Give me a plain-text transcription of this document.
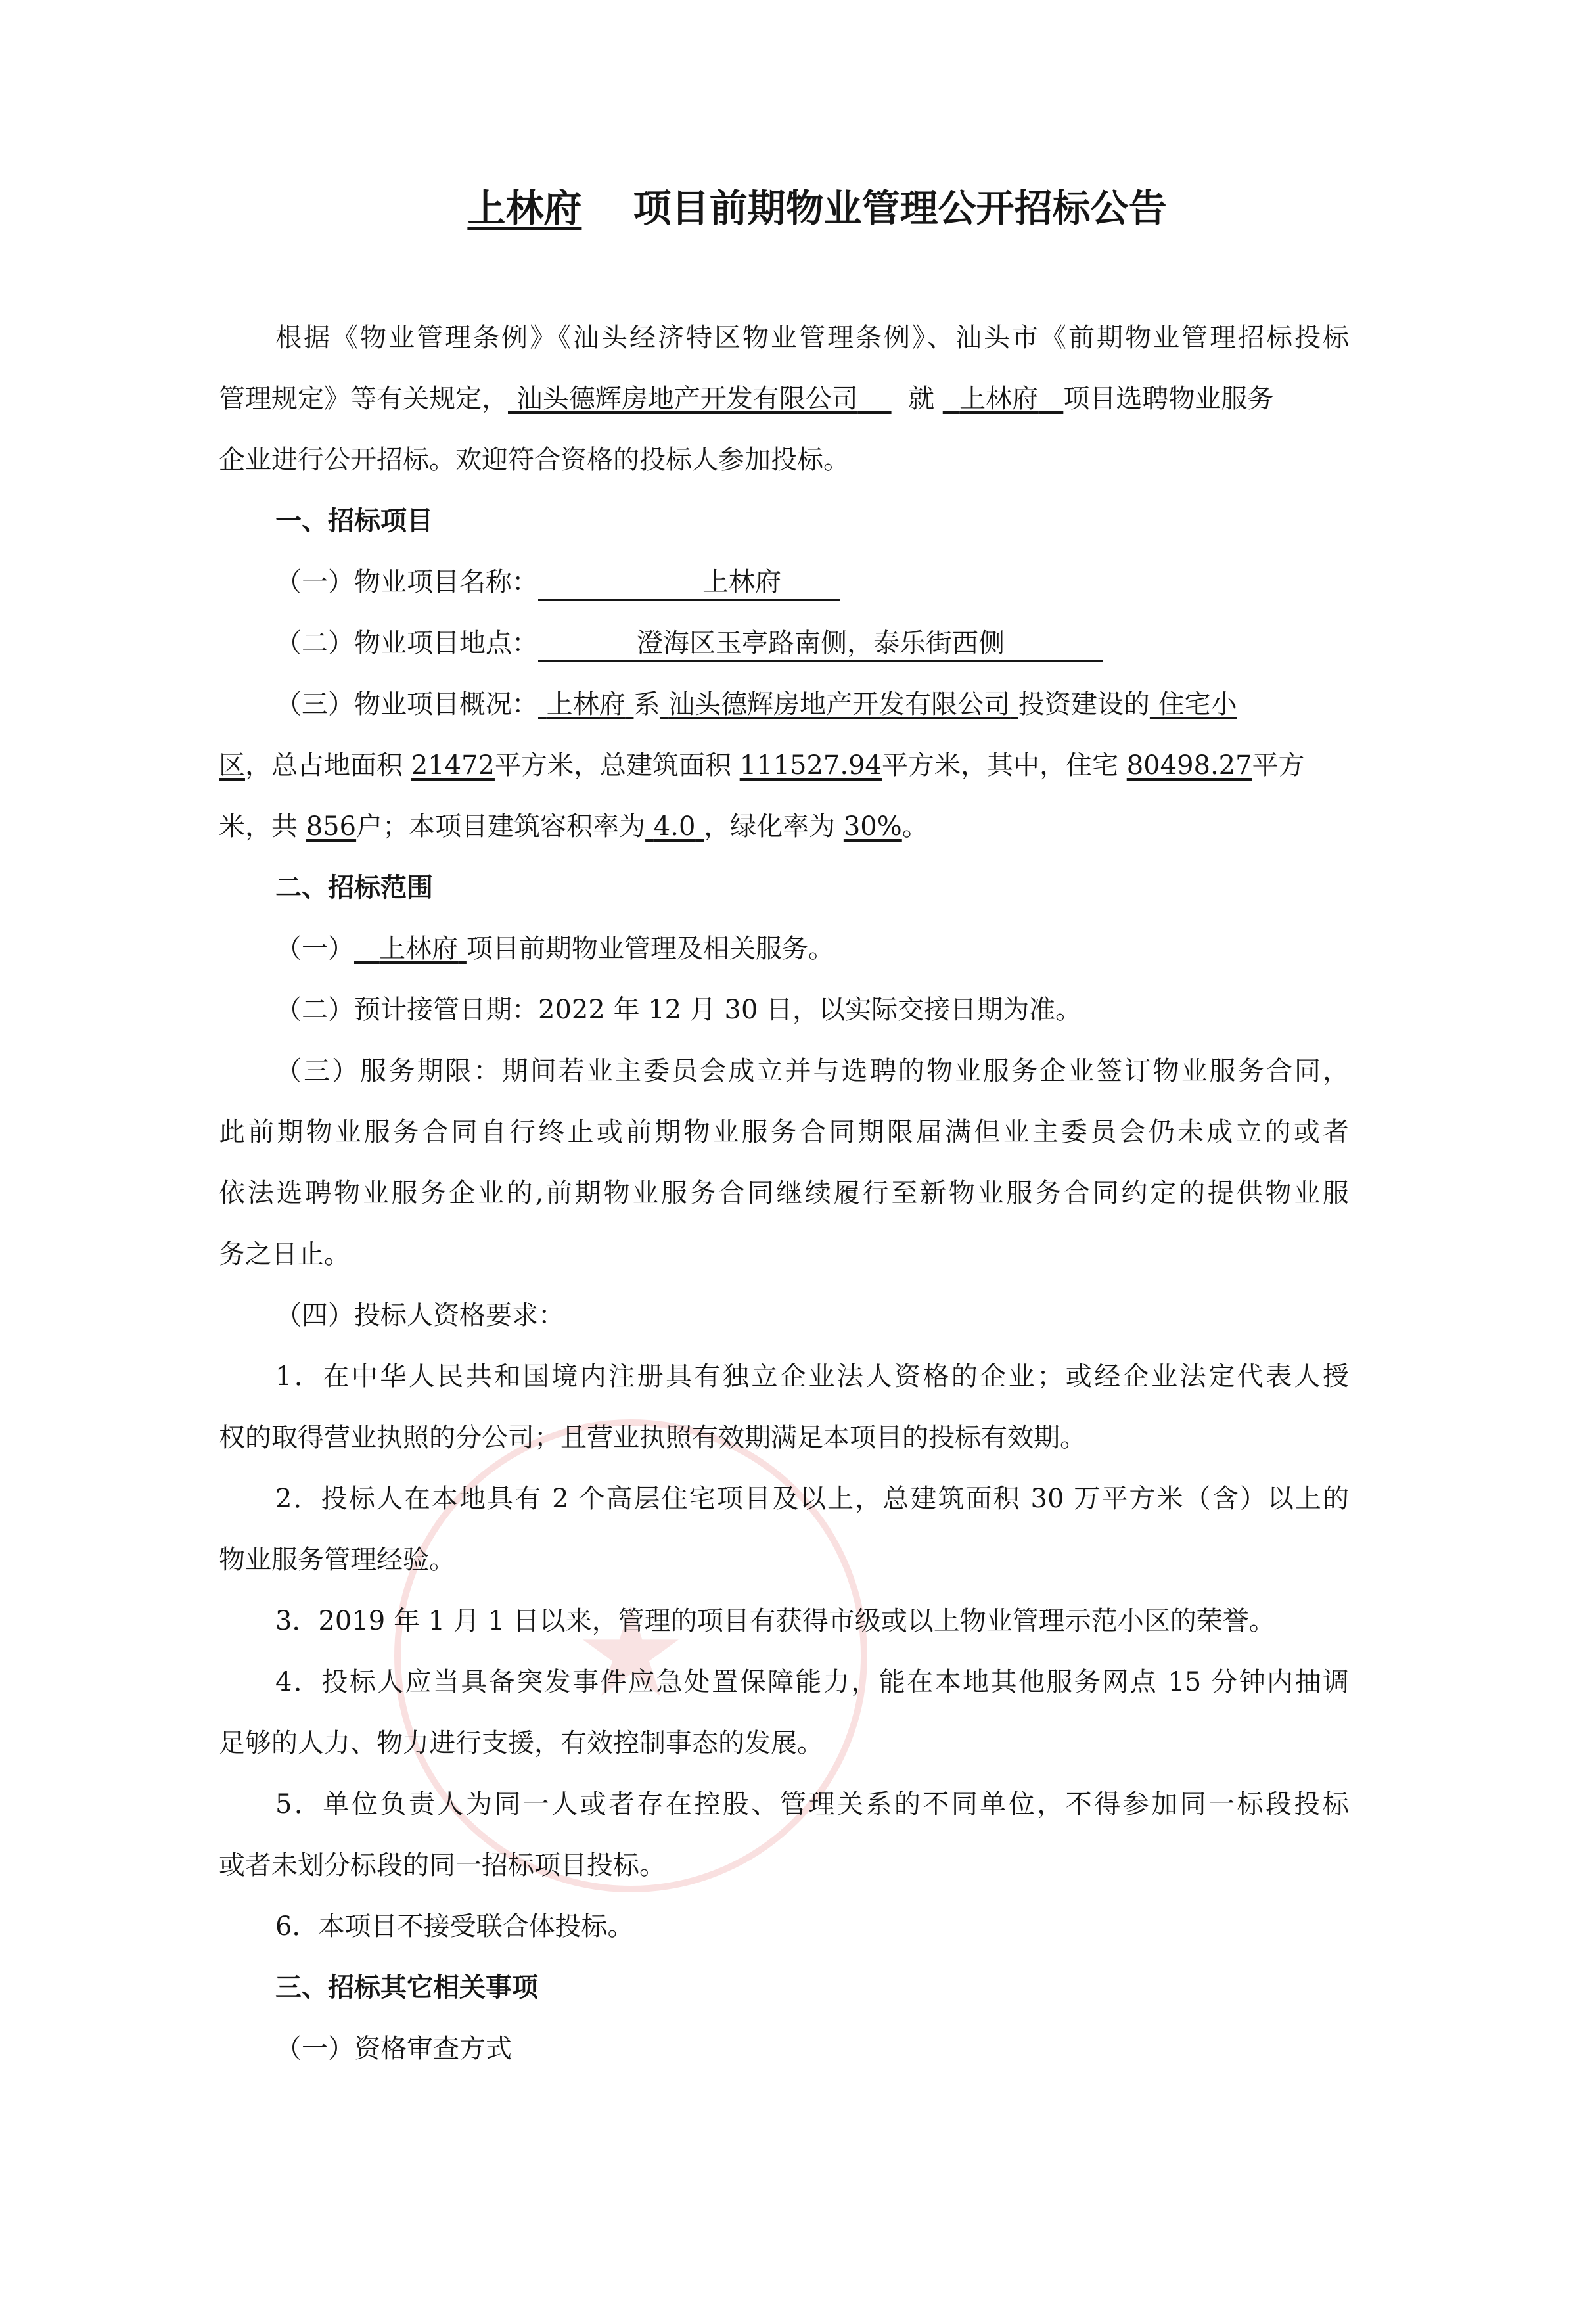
★
上林府 项目前期物业管理公开招标公告
根据《物业管理条例》《汕头经济特区物业管理条例》、汕头市《前期物业管理招标投标
管理规定》等有关规定， 汕头德辉房地产开发有限公司 就 上林府 项目选聘物业服务
企业进行公开招标。欢迎符合资格的投标人参加投标。
一、招标项目
（一）物业项目名称：	上林府
（二）物业项目地点：	澄海区玉亭路南侧，泰乐街西侧
（三）物业项目概况： 上林府 系 汕头德辉房地产开发有限公司 投资建设的 住宅小
区，总占地面积 21472平方米，总建筑面积 111527.94平方米，其中，住宅 80498.27平方
米，共 856户；本项目建筑容积率为 4.0 ，绿化率为 30%。
二、招标范围
（一） 上林府 项目前期物业管理及相关服务。
（二）预计接管日期：2022 年 12 月 30 日，以实际交接日期为准。
（三）服务期限：期间若业主委员会成立并与选聘的物业服务企业签订物业服务合同，
此前期物业服务合同自行终止或前期物业服务合同期限届满但业主委员会仍未成立的或者
依法选聘物业服务企业的,前期物业服务合同继续履行至新物业服务合同约定的提供物业服
务之日止。
（四）投标人资格要求：
1．在中华人民共和国境内注册具有独立企业法人资格的企业；或经企业法定代表人授
权的取得营业执照的分公司；且营业执照有效期满足本项目的投标有效期。
2．投标人在本地具有 2 个高层住宅项目及以上，总建筑面积 30 万平方米（含）以上的
物业服务管理经验。
3．2019 年 1 月 1 日以来，管理的项目有获得市级或以上物业管理示范小区的荣誉。
4．投标人应当具备突发事件应急处置保障能力，能在本地其他服务网点 15 分钟内抽调
足够的人力、物力进行支援，有效控制事态的发展。
5．单位负责人为同一人或者存在控股、管理关系的不同单位，不得参加同一标段投标
或者未划分标段的同一招标项目投标。
6．本项目不接受联合体投标。
三、招标其它相关事项
（一）资格审查方式
